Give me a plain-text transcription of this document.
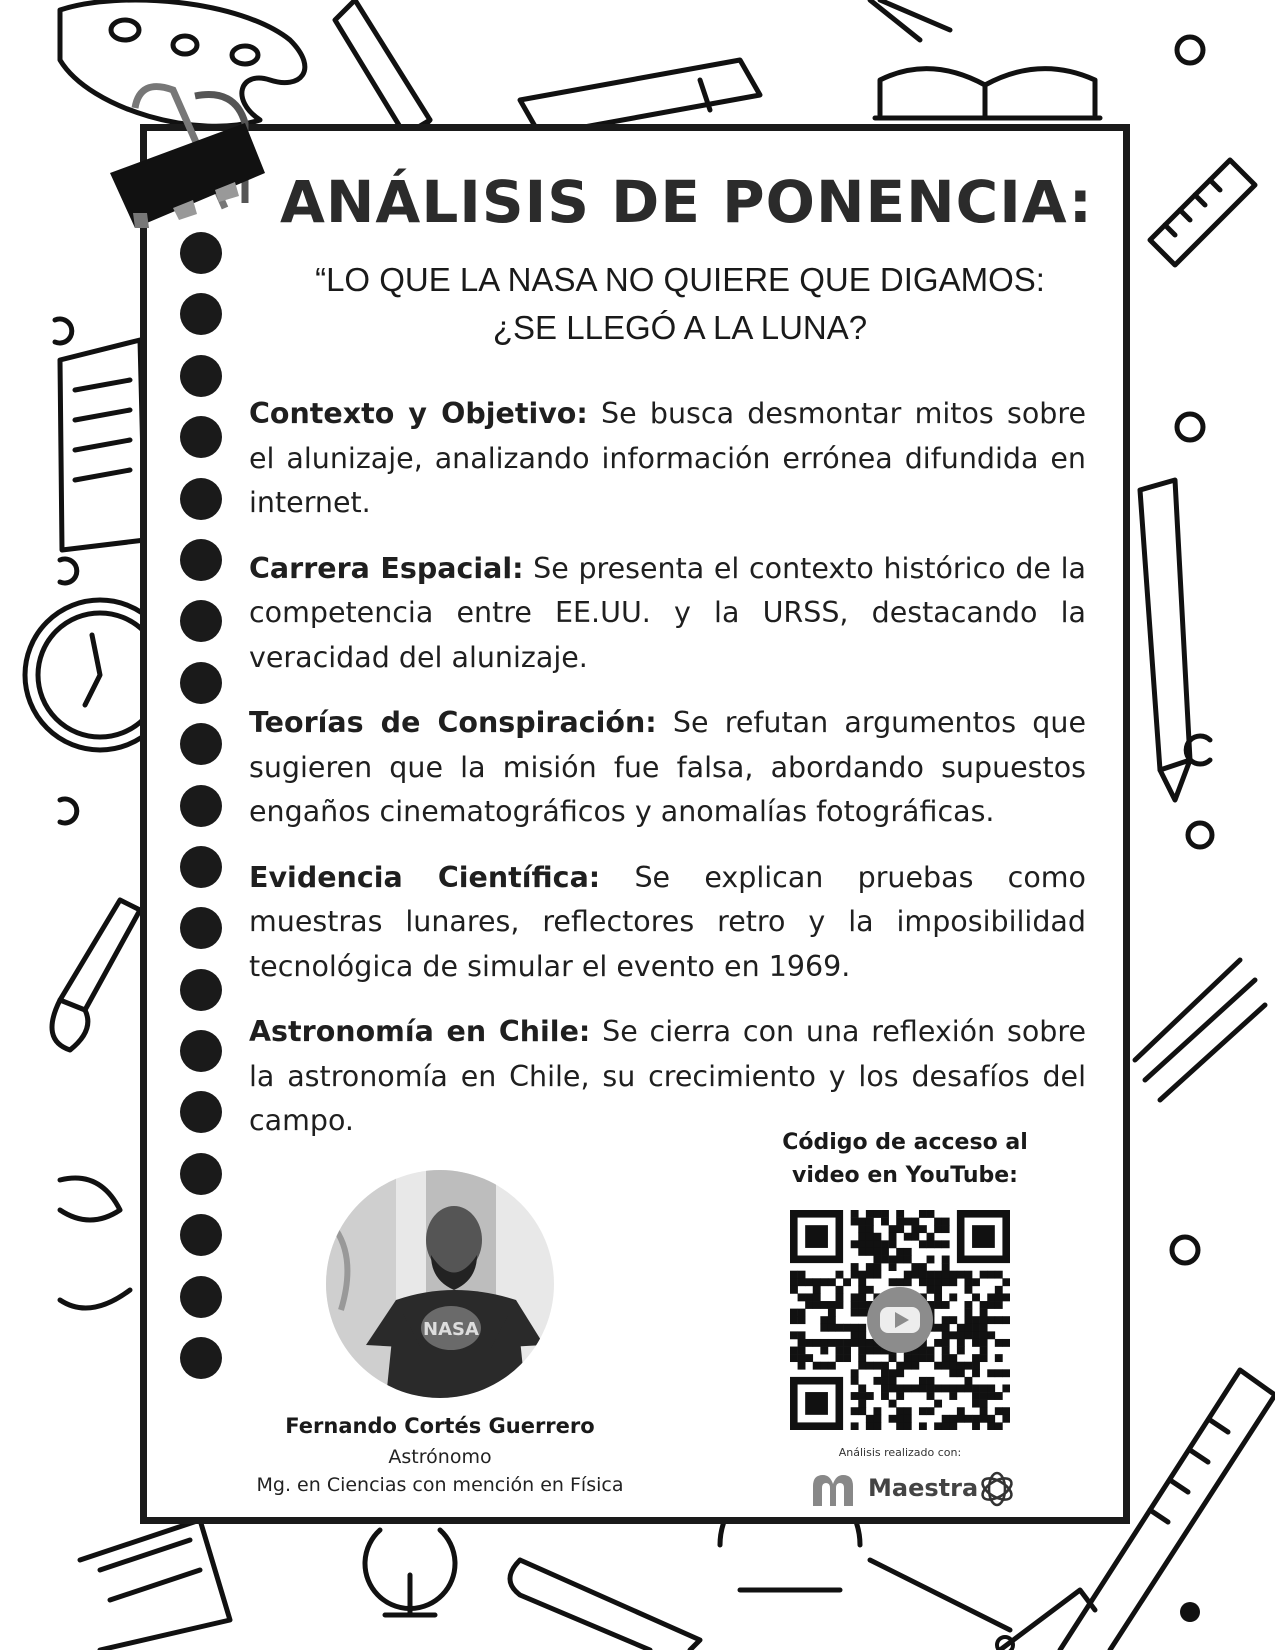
ANÁLISIS DE PONENCIA:
“LO QUE LA NASA NO QUIERE QUE DIGAMOS:
¿SE LLEGÓ A LA LUNA?

Contexto y Objetivo: Se busca desmontar mitos sobre el alunizaje, analizando información errónea difundida en internet.

Carrera Espacial: Se presenta el contexto histórico de la competencia entre EE.UU. y la URSS, destacando la veracidad del alunizaje.

Teorías de Conspiración: Se refutan argumentos que sugieren que la misión fue falsa, abordando supuestos engaños cinematográficos y anomalías fotográficas.

Evidencia Científica: Se explican pruebas como muestras lunares, reflectores retro y la imposibilidad tecnológica de simular el evento en 1969.

Astronomía en Chile: Se cierra con una reflexión sobre la astronomía en Chile, su crecimiento y los desafíos del campo.

NASA
Fernando Cortés Guerrero
Astrónomo
Mg. en Ciencias con mención en Física
Código de acceso al
video en YouTube:
Análisis realizado con:
Maestra
